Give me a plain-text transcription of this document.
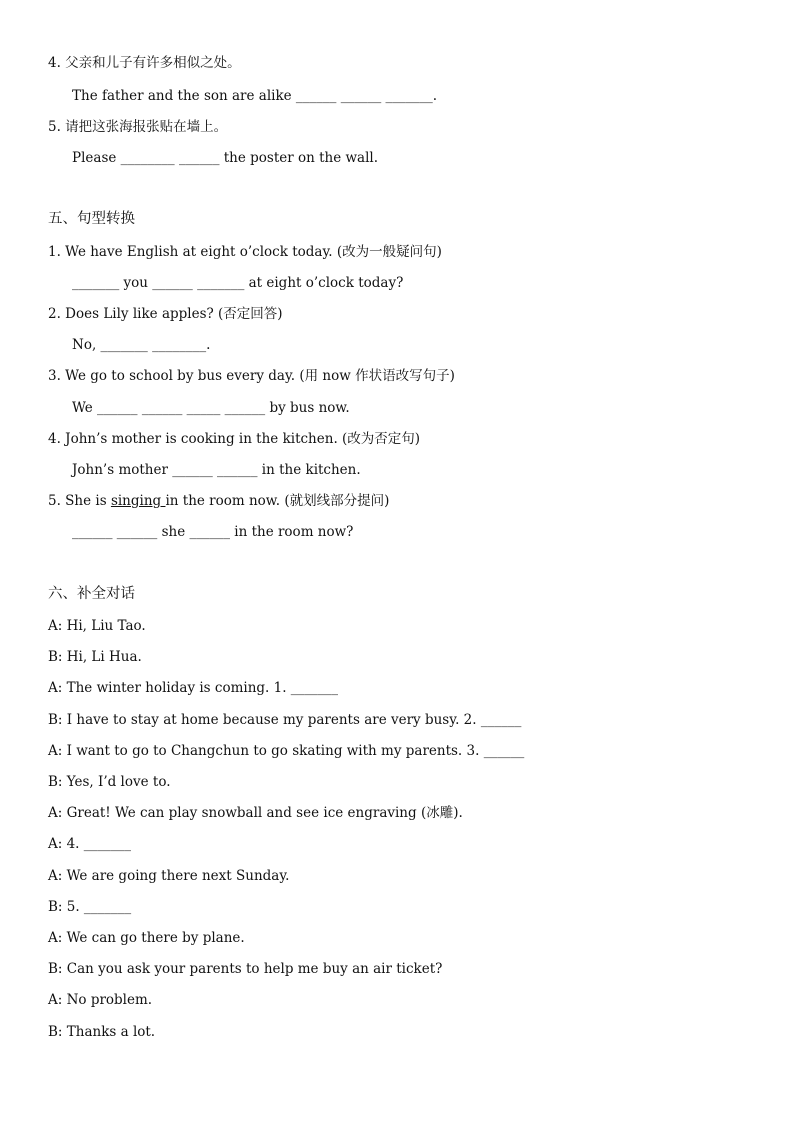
4. 父亲和儿子有许多相似之处。
The father and the son are alike ______ ______ _______.
5. 请把这张海报张贴在墙上。
Please ________ ______ the poster on the wall.
五、句型转换
1. We have English at eight o’clock today. (改为一般疑问句)
_______ you ______ _______ at eight o’clock today?
2. Does Lily like apples? (否定回答)
No, _______ ________.
3. We go to school by bus every day. (用 now 作状语改写句子)
We ______ ______ _____ ______ by bus now.
4. John’s mother is cooking in the kitchen. (改为否定句)
John’s mother ______ ______ in the kitchen.
5. She is singing in the room now. (就划线部分提问)
______ ______ she ______ in the room now?
六、补全对话
A: Hi, Liu Tao.
B: Hi, Li Hua.
A: The winter holiday is coming. 1. _______
B: I have to stay at home because my parents are very busy. 2. ______
A: I want to go to Changchun to go skating with my parents. 3. ______
B: Yes, I’d love to.
A: Great! We can play snowball and see ice engraving (冰雕).
A: 4. _______
A: We are going there next Sunday.
B: 5. _______
A: We can go there by plane.
B: Can you ask your parents to help me buy an air ticket?
A: No problem.
B: Thanks a lot.
